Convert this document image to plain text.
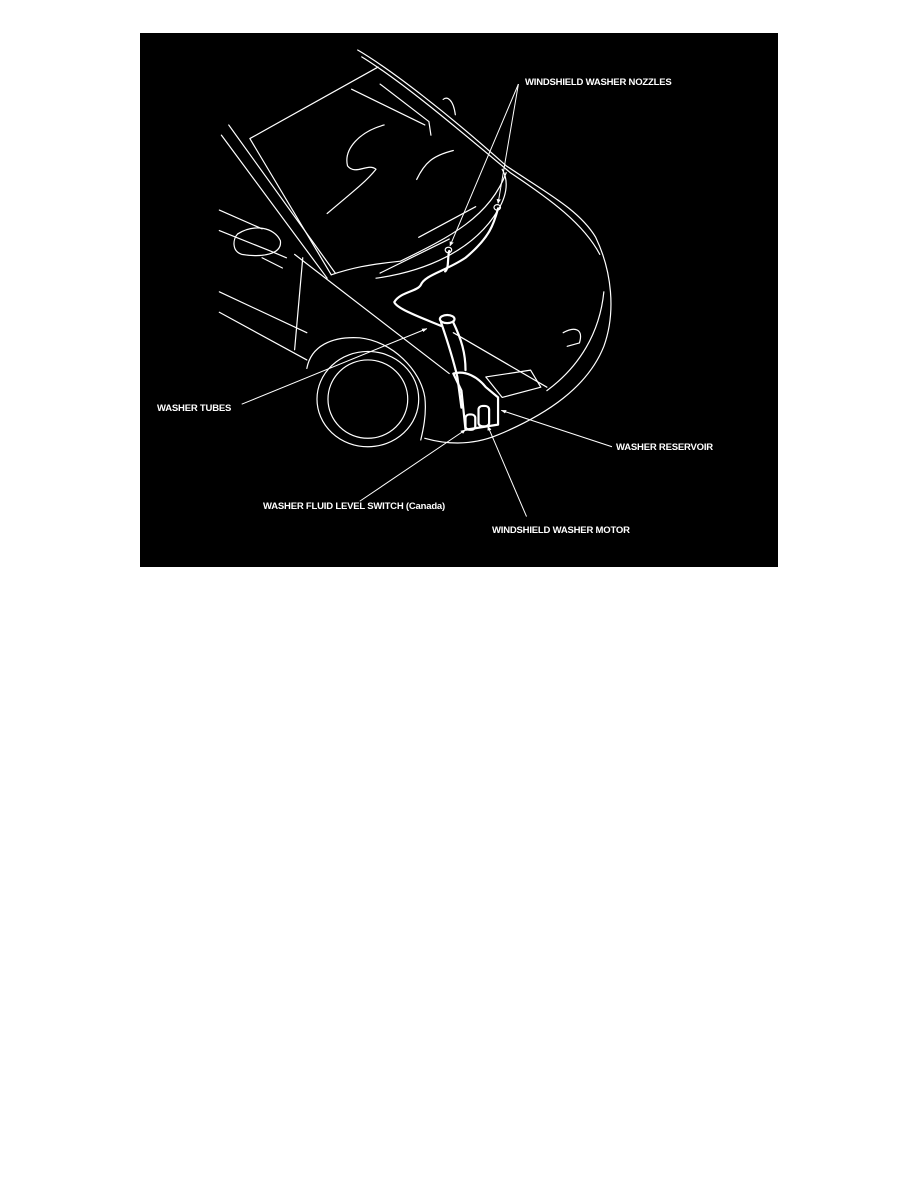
WINDSHIELD WASHER NOZZLES
WASHER TUBES
WASHER RESERVOIR
WASHER FLUID LEVEL SWITCH (Canada)
WINDSHIELD WASHER MOTOR
